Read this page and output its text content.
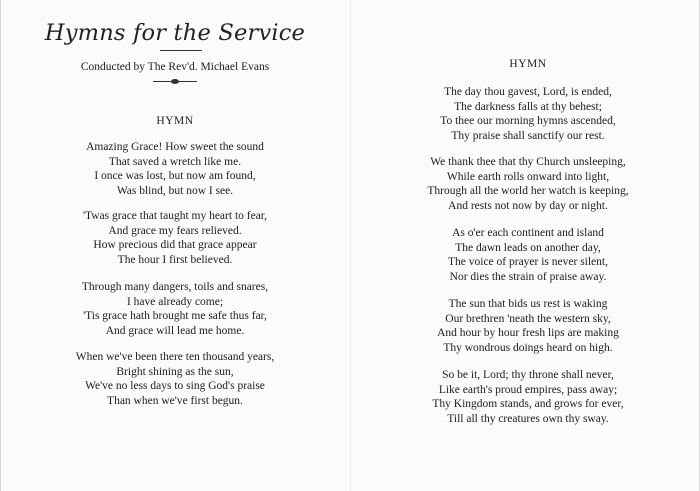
Hymns for the Service
Conducted by The Rev'd. Michael Evans
HYMN
Amazing Grace! How sweet the sound
That saved a wretch like me.
I once was lost, but now am found,
Was blind, but now I see.
'Twas grace that taught my heart to fear,
And grace my fears relieved.
How precious did that grace appear
The hour I first believed.
Through many dangers, toils and snares,
I have already come;
'Tis grace hath brought me safe thus far,
And grace will lead me home.
When we've been there ten thousand years,
Bright shining as the sun,
We've no less days to sing God's praise
Than when we've first begun.
HYMN
The day thou gavest, Lord, is ended,
The darkness falls at thy behest;
To thee our morning hymns ascended,
Thy praise shall sanctify our rest.
We thank thee that thy Church unsleeping,
While earth rolls onward into light,
Through all the world her watch is keeping,
And rests not now by day or night.
As o'er each continent and island
The dawn leads on another day,
The voice of prayer is never silent,
Nor dies the strain of praise away.
The sun that bids us rest is waking
Our brethren 'neath the western sky,
And hour by hour fresh lips are making
Thy wondrous doings heard on high.
So be it, Lord; thy throne shall never,
Like earth's proud empires, pass away;
Thy Kingdom stands, and grows for ever,
Till all thy creatures own thy sway.
